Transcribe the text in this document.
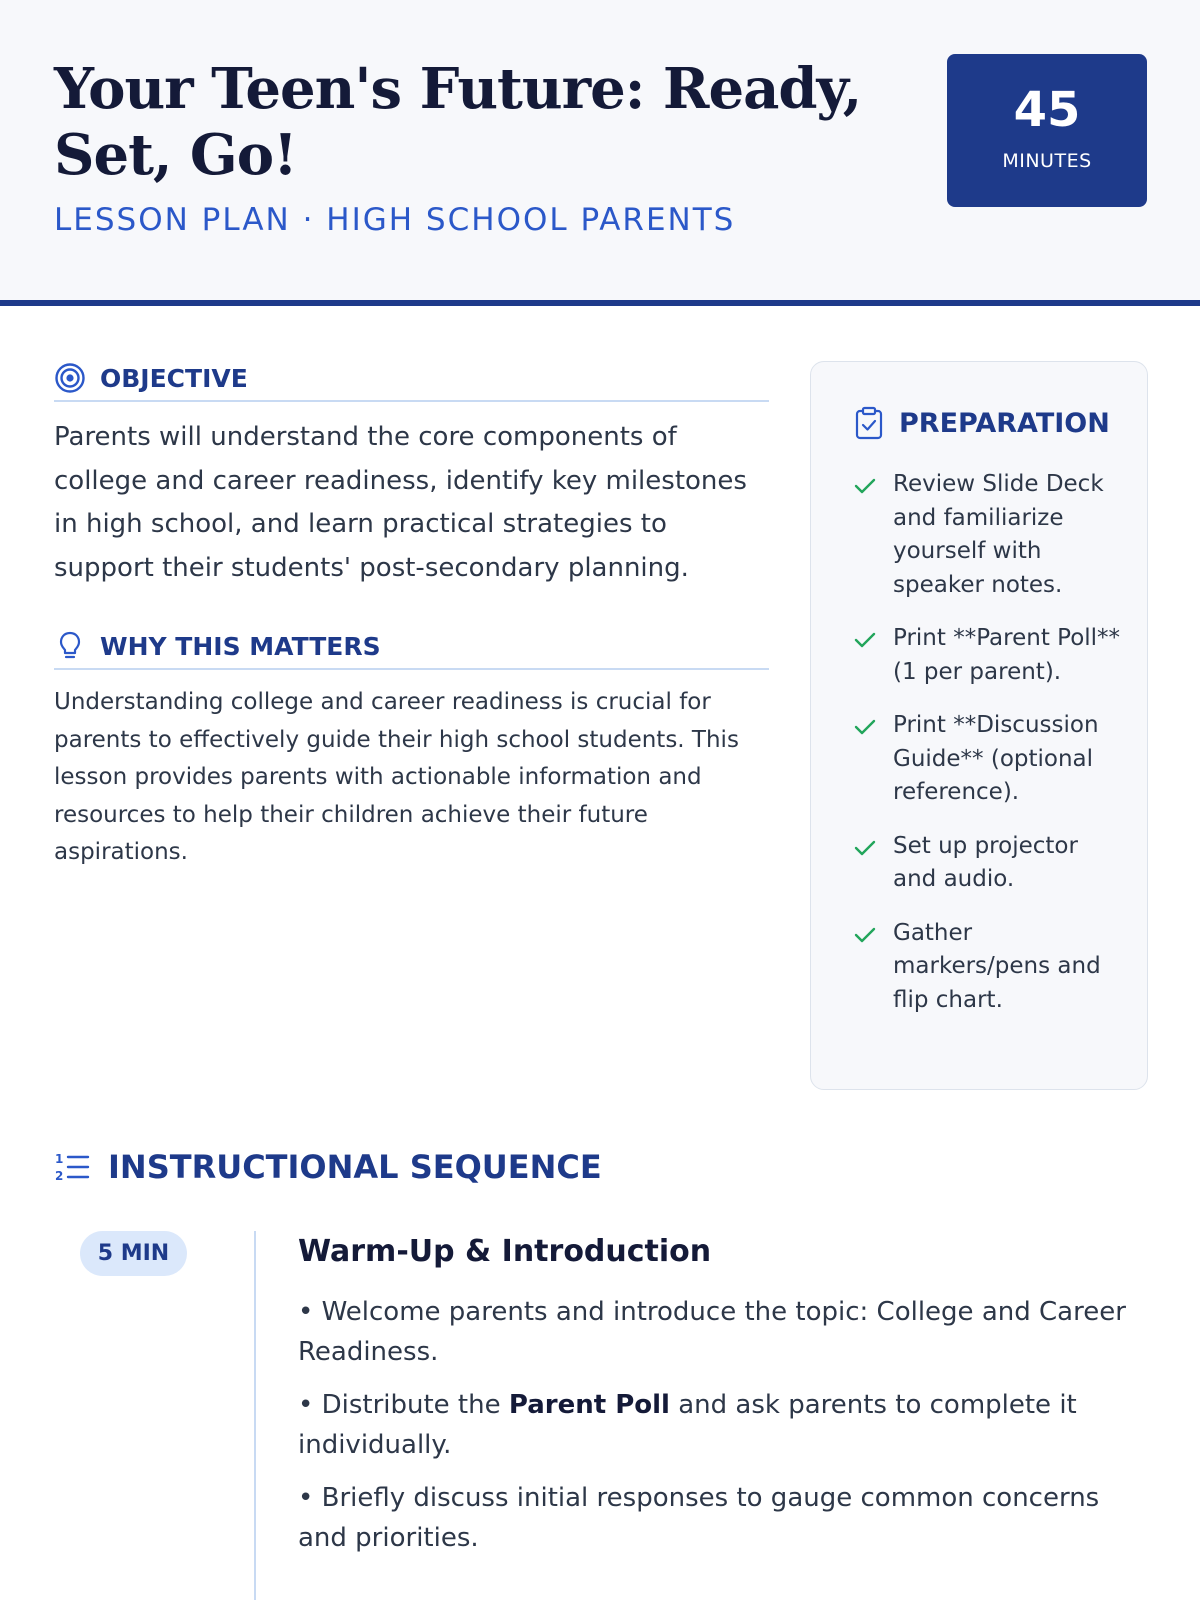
Your Teen's Future: Ready, Set, Go!
LESSON PLAN · HIGH SCHOOL PARENTS
45
MINUTES
OBJECTIVE

Parents will understand the core components of college and career readiness, identify key milestones in high school, and learn practical strategies to support their students' post-secondary planning.

WHY THIS MATTERS

Understanding college and career readiness is crucial for parents to effectively guide their high school students. This lesson provides parents with actionable information and resources to help their children achieve their future aspirations.

PREPARATION
Review Slide Deck and familiarize yourself with speaker notes.
Print **Parent Poll** (1 per parent).
Print **Discussion Guide** (optional reference).
Set up projector and audio.
Gather markers/pens and flip chart.
1
2 INSTRUCTIONAL SEQUENCE
5 MIN	Warm-Up & Introduction
• Welcome parents and introduce the topic: College and Career Readiness.
• Distribute the Parent Poll and ask parents to complete it individually.
• Briefly discuss initial responses to gauge common concerns and priorities.
